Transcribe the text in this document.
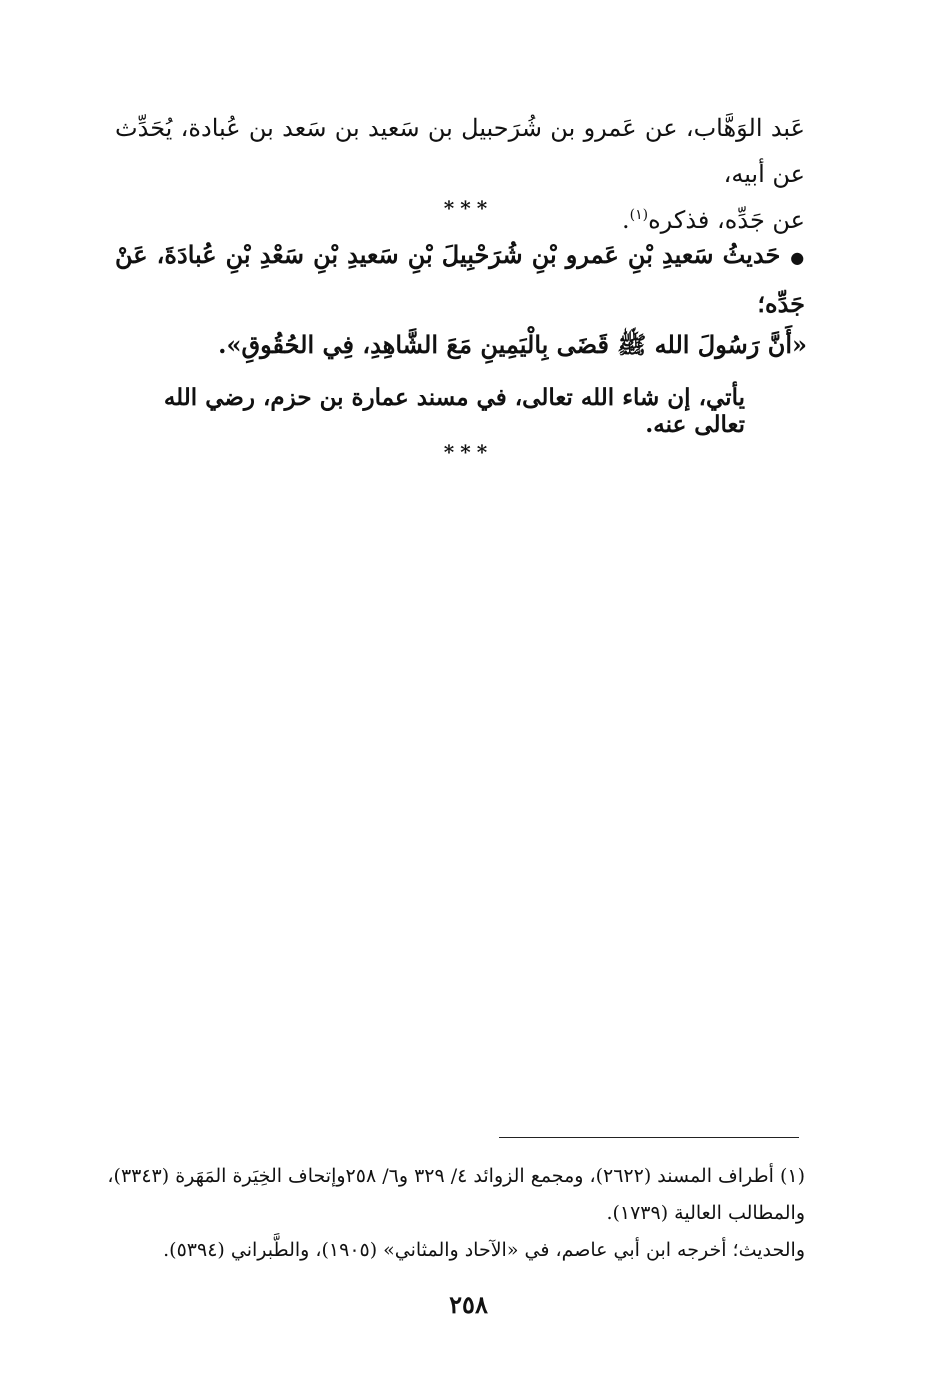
عَبد الوَهَّاب، عن عَمرو بن شُرَحبيل بن سَعيد بن سَعد بن عُبادة، يُحَدِّث عن أبيه،
عن جَدِّه، فذكره$^{(١)}$.
***
●حَديثُ سَعيدِ بْنِ عَمرو بْنِ شُرَحْبِيلَ بْنِ سَعيدِ بْنِ سَعْدِ بْنِ عُبادَةَ، عَنْ جَدِّه؛
«أَنَّ رَسُولَ الله ﷺ قَضَى بِالْيَمِينِ مَعَ الشَّاهِدِ، فِي الحُقُوقِ».
يأتي، إن شاء الله تعالى، في مسند عمارة بن حزم، رضي الله تعالى عنه.
***
(١) أطراف المسند (٢٦٢٢)، ومجمع الزوائد ٤/ ٣٢٩ و٦/ ٢٥٨وإتحاف الخِيَرة المَهَرة (٣٣٤٣)،
والمطالب العالية (١٧٣٩).
والحديث؛ أخرجه ابن أبي عاصم، في «الآحاد والمثاني» (١٩٠٥)، والطَّبراني (٥٣٩٤).
٢٥٨
